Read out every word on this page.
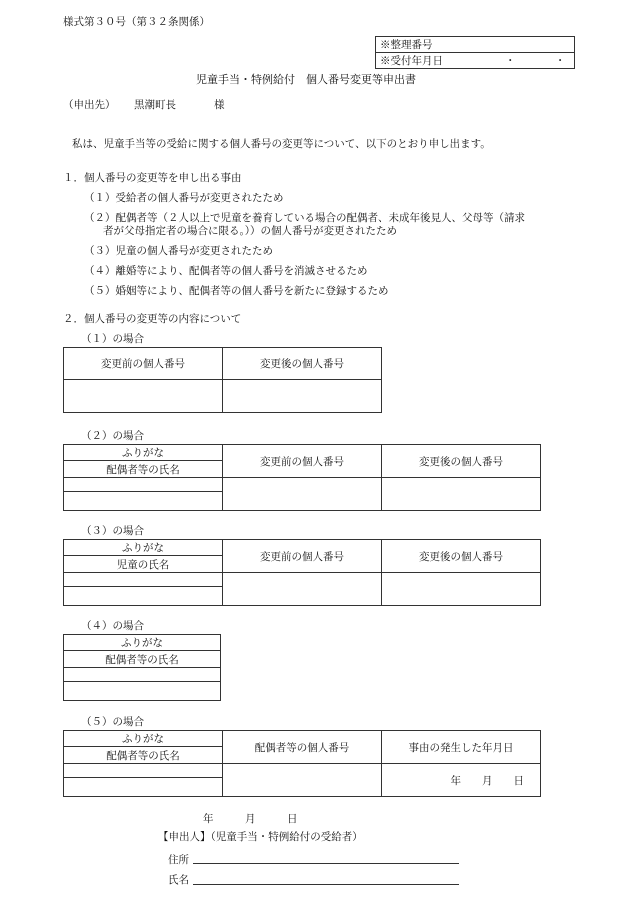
様式第３０号（第３２条関係）
※整理番号
※受付年月日	・ ・
児童手当・特例給付　個人番号変更等申出書
（申出先） 黒潮町長	様
私は、児童手当等の受給に関する個人番号の変更等について、以下のとおり申し出ます。
１．個人番号の変更等を申し出る事由
（１）受給者の個人番号が変更されたため
（２）配偶者等（２人以上で児童を養育している場合の配偶者、未成年後見人、父母等（請求
者が父母指定者の場合に限る。））の個人番号が変更されたため
（３）児童の個人番号が変更されたため
（４）離婚等により、配偶者等の個人番号を消滅させるため
（５）婚姻等により、配偶者等の個人番号を新たに登録するため
２．個人番号の変更等の内容について
（１）の場合
変更前の個人番号	変更後の個人番号

（２）の場合
ふりがな	変更前の個人番号	変更後の個人番号
配偶者等の氏名		

（３）の場合
ふりがな	変更前の個人番号	変更後の個人番号
児童の氏名		

（４）の場合
ふりがな
配偶者等の氏名

（５）の場合
ふりがな	配偶者等の個人番号	事由の発生した年月日
配偶者等の氏名		

	年　　月　　日

年　　　月　　　日
【申出人】（児童手当・特例給付の受給者）
住所
氏名
